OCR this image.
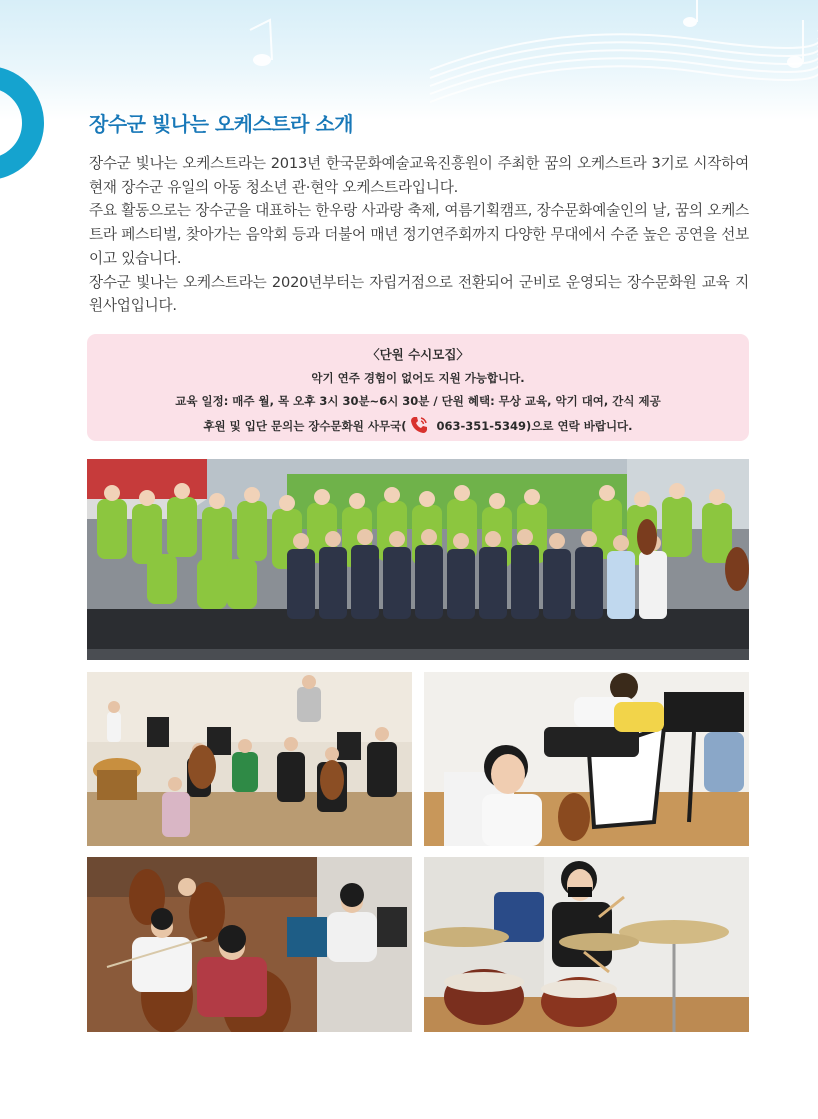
장수군 빛나는 오케스트라 소개

장수군 빛나는 오케스트라는 2013년 한국문화예술교육진흥원이 주최한 꿈의 오케스트라 3기로 시작하여 현재 장수군 유일의 아동 청소년 관·현악 오케스트라입니다.

주요 활동으로는 장수군을 대표하는 한우랑 사과랑 축제, 여름기획캠프, 장수문화예술인의 날, 꿈의 오케스트라 페스티벌, 찾아가는 음악회 등과 더불어 매년 정기연주회까지 다양한 무대에서 수준 높은 공연을 선보이고 있습니다.

장수군 빛나는 오케스트라는 2020년부터는 자립거점으로 전환되어 군비로 운영되는 장수문화원 교육 지원사업입니다.

〈단원 수시모집〉
악기 연주 경험이 없어도 지원 가능합니다.
교육 일정: 매주 월, 목 오후 3시 30분~6시 30분 / 단원 혜택: 무상 교육, 악기 대여, 간식 제공
후원 및 입단 문의는 장수문화원 사무국( 063-351-5349)으로 연락 바랍니다.
